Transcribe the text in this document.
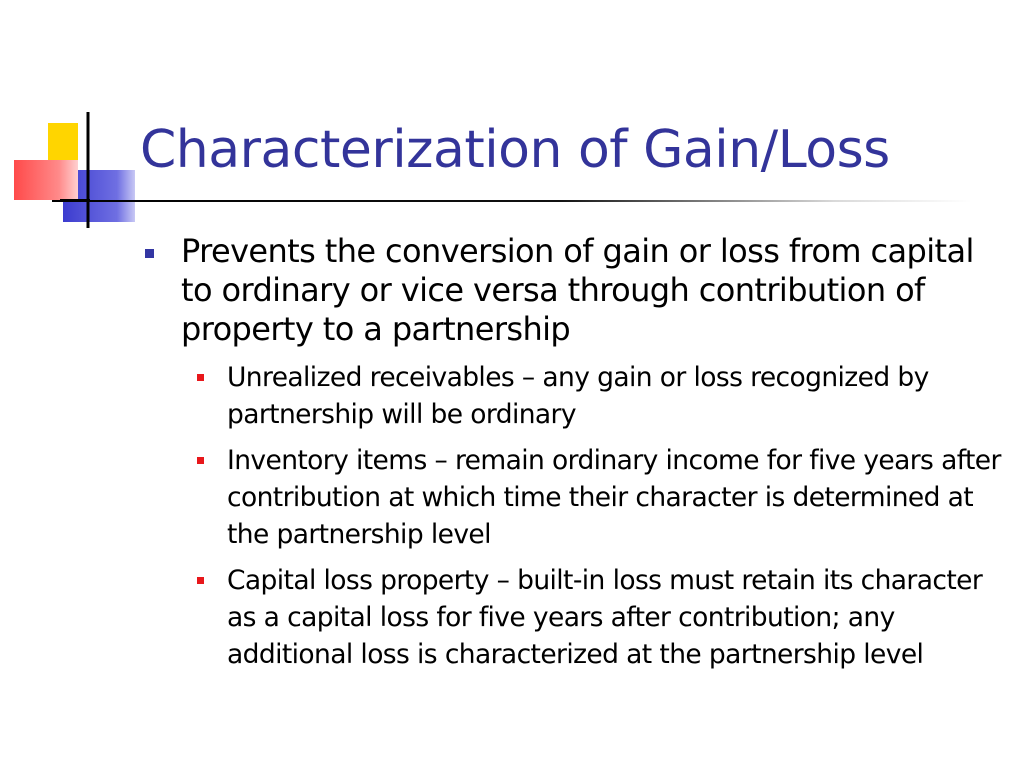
Characterization of Gain/Loss
Prevents the conversion of gain or loss from capital to ordinary or vice versa through contribution of property to a partnership
Unrealized receivables – any gain or loss recognized by partnership will be ordinary
Inventory items – remain ordinary income for five years after contribution at which time their character is determined at the partnership level
Capital loss property – built-in loss must retain its character as a capital loss for five years after contribution; any additional loss is characterized at the partnership level
